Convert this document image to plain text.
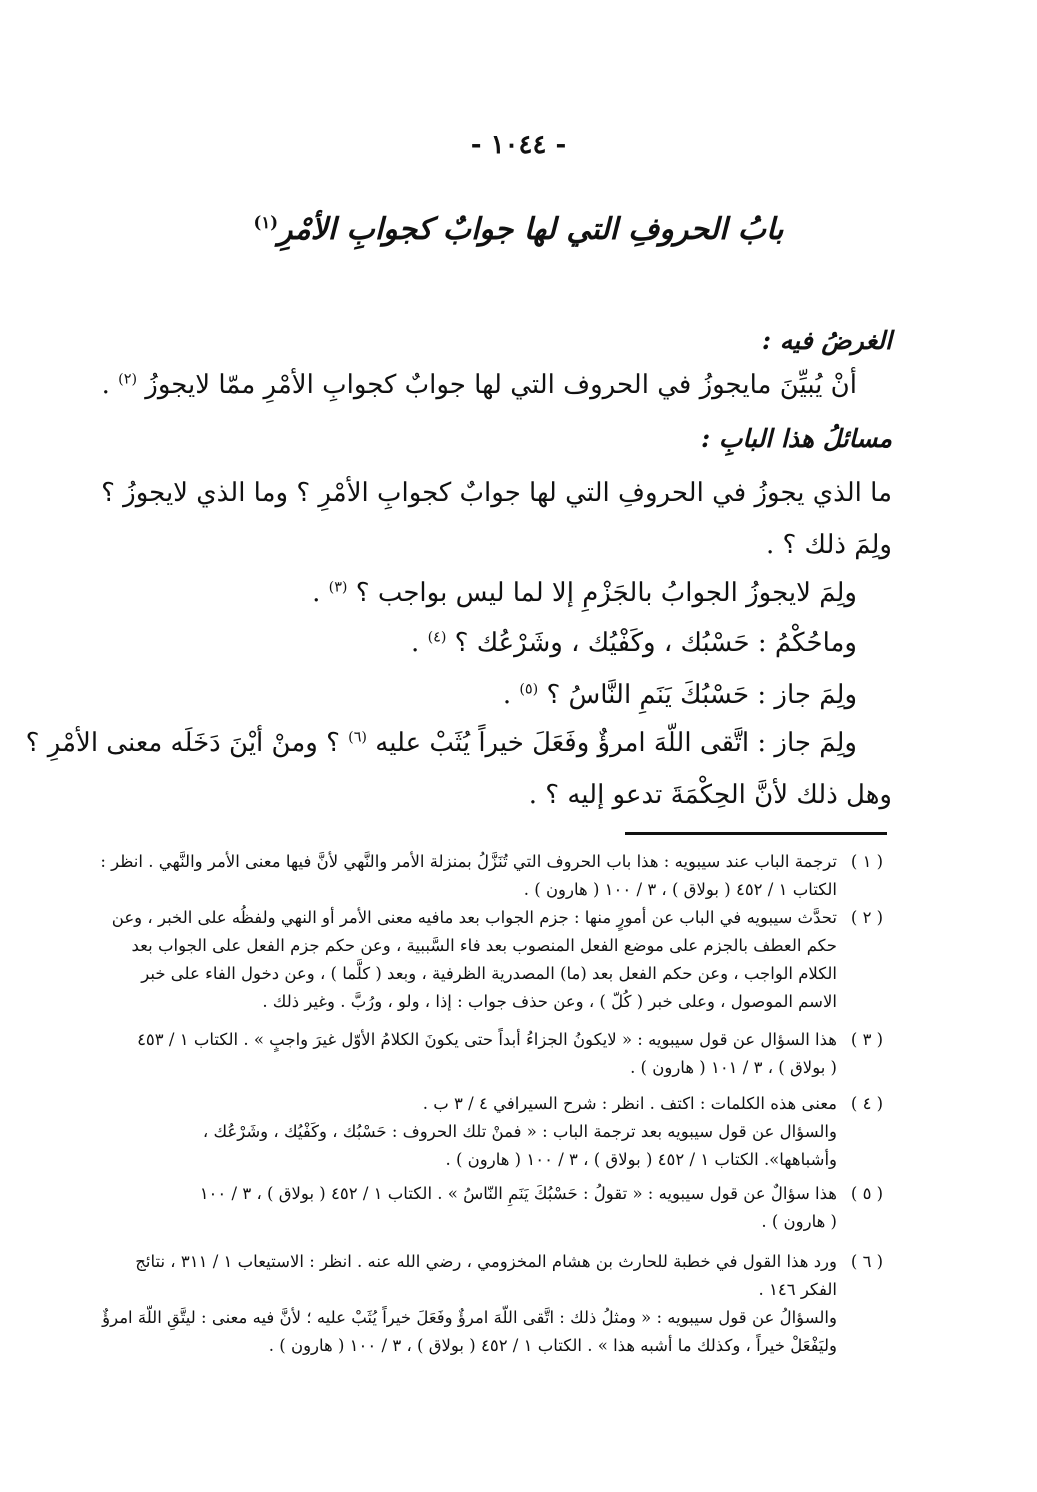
- ١٠٤٤ -
بابُ الحروفِ التي لها جوابٌ كجوابِ الأمْرِ$^{(١)}$
الغرضُ فيه :
أنْ يُبيِّنَ مايجوزُ في الحروف التي لها جوابٌ كجوابِ الأمْرِ ممّا لايجوزُ $^{(٢)}$ .
مسائلُ هذا البابِ :
ما الذي يجوزُ في الحروفِ التي لها جوابٌ كجوابِ الأمْرِ ؟ وما الذي لايجوزُ ؟
ولِمَ ذلك ؟ .
ولِمَ لايجوزُ الجوابُ بالجَزْمِ إلا لما ليس بواجب ؟ $^{(٣)}$ .
وماحُكْمُ : حَسْبُك ، وكَفْيُك ، وشَرْعُك ؟ $^{(٤)}$ .
ولِمَ جاز : حَسْبُكَ يَنَمِ النَّاسُ ؟ $^{(٥)}$ .
ولِمَ جاز : اتَّقى اللّهَ امرؤٌ وفَعَلَ خيراً يُثَبْ عليه $^{(٦)}$ ؟ ومنْ أيْنَ دَخَلَه معنى الأمْرِ ؟
وهل ذلك لأنَّ الحِكْمَةَ تدعو إليه ؟ .
( ١ )
ترجمة الباب عند سيبويه : هذا باب الحروف التي تُنَزَّلُ بمنزلة الأمر والنَّهي لأنَّ فيها معنى الأمر والنَّهي . انظر :
الكتاب ١ / ٤٥٢ ( بولاق ) ، ٣ / ١٠٠ ( هارون ) .
( ٢ )
تحدَّث سيبويه في الباب عن أمورٍ منها : جزم الجواب بعد مافيه معنى الأمر أو النهي ولفظُه على الخبر ، وعن
حكم العطف بالجزم على موضع الفعل المنصوب بعد فاء السَّببية ، وعن حكم جزم الفعل على الجواب بعد
الكلام الواجب ، وعن حكم الفعل بعد (ما) المصدرية الظرفية ، وبعد ( كلَّما ) ، وعن دخول الفاء على خبر
الاسم الموصول ، وعلى خبر ( كُلّ ) ، وعن حذف جواب : إذا ، ولو ، ورُبَّ . وغير ذلك .
( ٣ )
هذا السؤال عن قول سيبويه : « لايكونُ الجزاءُ أبداً حتى يكونَ الكلامُ الأوّل غيرَ واجبٍ » . الكتاب ١ / ٤٥٣
( بولاق ) ، ٣ / ١٠١ ( هارون ) .
( ٤ )
معنى هذه الكلمات : اكتف . انظر : شرح السيرافي ٤ / ٣ ب .
والسؤال عن قول سيبويه بعد ترجمة الباب : « فمنْ تلك الحروف : حَسْبُك ، وكَفْيُك ، وشَرْعُك ،
وأشباهها». الكتاب ١ / ٤٥٢ ( بولاق ) ، ٣ / ١٠٠ ( هارون ) .
( ٥ )
هذا سؤالٌ عن قول سيبويه : « تقولُ : حَسْبُكَ يَنَمِ النّاسُ » . الكتاب ١ / ٤٥٢ ( بولاق ) ، ٣ / ١٠٠
( هارون ) .
( ٦ )
ورد هذا القول في خطبة للحارث بن هشام المخزومي ، رضي الله عنه . انظر : الاستيعاب ١ / ٣١١ ، نتائج
الفكر ١٤٦ .
والسؤالُ عن قول سيبويه : « ومثلُ ذلك : اتَّقى اللّهَ امرؤٌ وفَعَلَ خيراً يُثَبْ عليه ؛ لأنَّ فيه معنى : ليتَّقِ اللّهَ امرؤٌ
وليَفْعَلْ خيراً ، وكذلك ما أشبه هذا » . الكتاب ١ / ٤٥٢ ( بولاق ) ، ٣ / ١٠٠ ( هارون ) .
